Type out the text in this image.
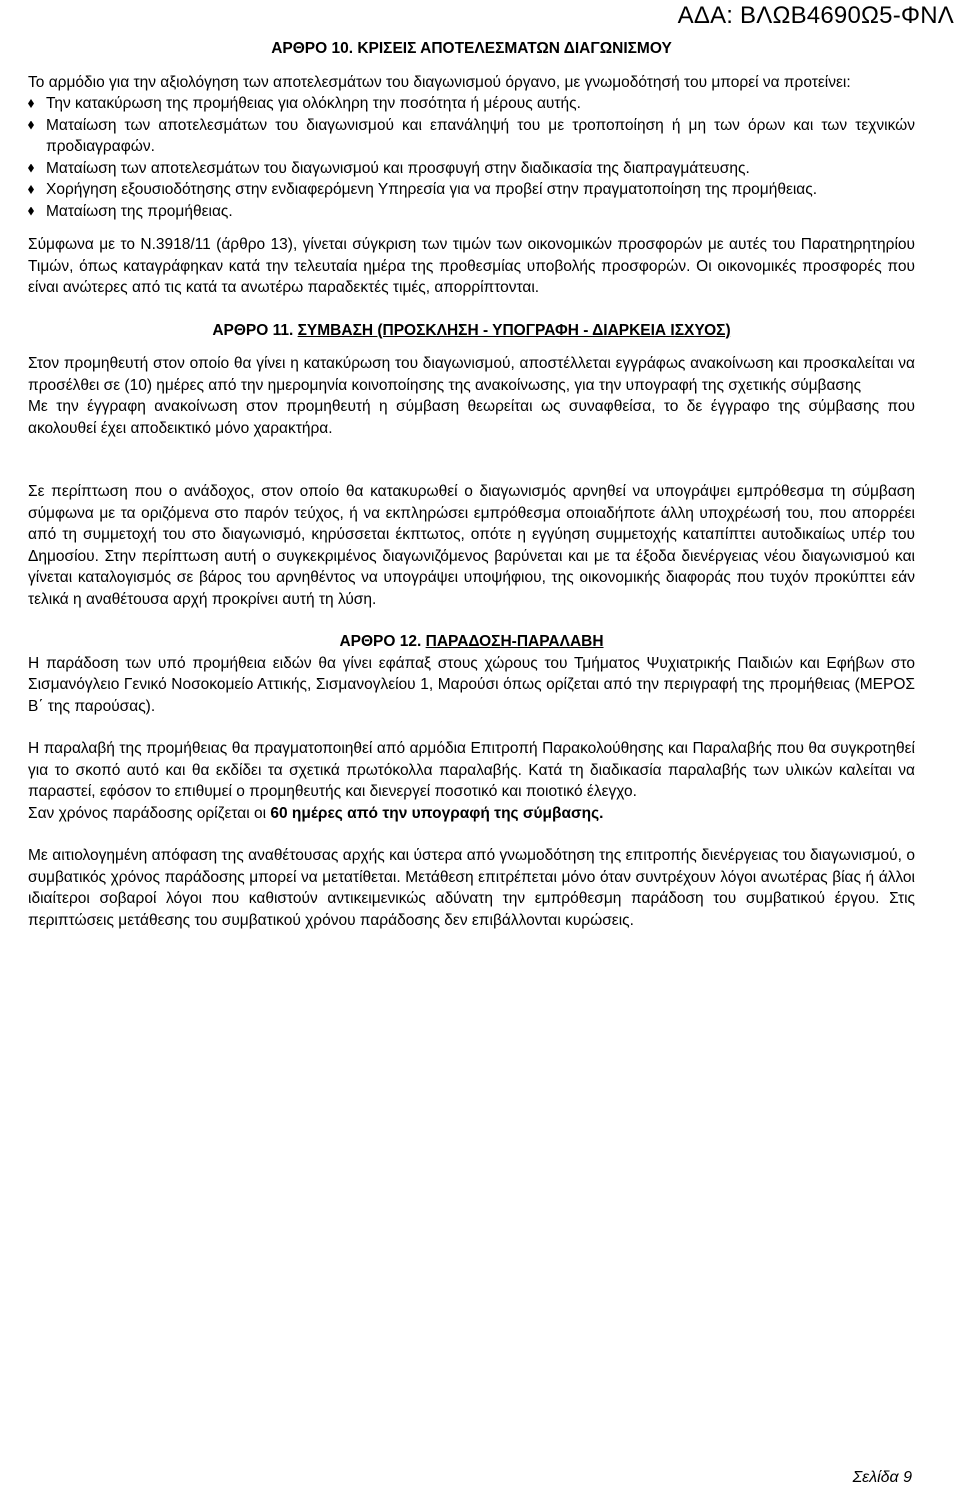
ΑΔΑ: ΒΛΩΒ4690Ω5-ΦΝΛ
ΑΡΘΡΟ 10. ΚΡΙΣΕΙΣ ΑΠΟΤΕΛΕΣΜΑΤΩΝ ΔΙΑΓΩΝΙΣΜΟΥ

Το αρμόδιο για την αξιολόγηση των αποτελεσμάτων του διαγωνισμού όργανο, με γνωμοδότησή του μπορεί να προτείνει:

Την κατακύρωση της προμήθειας για ολόκληρη την ποσότητα ή μέρους αυτής.
Ματαίωση των αποτελεσμάτων του διαγωνισμού και επανάληψή του με τροποποίηση ή μη των όρων και των τεχνικών προδιαγραφών.
Ματαίωση των αποτελεσμάτων του διαγωνισμού και προσφυγή στην διαδικασία της διαπραγμάτευσης.
Χορήγηση εξουσιοδότησης στην ενδιαφερόμενη Υπηρεσία για να προβεί στην πραγματοποίηση της προμήθειας.
Ματαίωση της προμήθειας.

Σύμφωνα με το Ν.3918/11 (άρθρο 13), γίνεται σύγκριση των τιμών των οικονομικών προσφορών με αυτές του Παρατηρητηρίου Τιμών, όπως καταγράφηκαν κατά την τελευταία ημέρα της προθεσμίας υποβολής προσφορών. Οι οικονομικές προσφορές που είναι ανώτερες από τις κατά τα ανωτέρω παραδεκτές τιμές, απορρίπτονται.

ΑΡΘΡΟ 11. ΣΥΜΒΑΣΗ (ΠΡΟΣΚΛΗΣΗ - ΥΠΟΓΡΑΦΗ - ΔΙΑΡΚΕΙΑ ΙΣΧΥΟΣ)

Στον προμηθευτή στον οποίο θα γίνει η κατακύρωση του διαγωνισμού, αποστέλλεται εγγράφως ανακοίνωση και προσκαλείται να προσέλθει σε (10) ημέρες από την ημερομηνία κοινοποίησης της ανακοίνωσης, για την υπογραφή της σχετικής σύμβασης

Με την έγγραφη ανακοίνωση στον προμηθευτή η σύμβαση θεωρείται ως συναφθείσα, το δε έγγραφο της σύμβασης που ακολουθεί έχει αποδεικτικό μόνο χαρακτήρα.

Σε περίπτωση που ο ανάδοχος, στον οποίο θα κατακυρωθεί ο διαγωνισμός αρνηθεί να υπογράψει εμπρόθεσμα τη σύμβαση σύμφωνα με τα οριζόμενα στο παρόν τεύχος, ή να εκπληρώσει εμπρόθεσμα οποιαδήποτε άλλη υποχρέωσή του, που απορρέει από τη συμμετοχή του στο διαγωνισμό, κηρύσσεται έκπτωτος, οπότε η εγγύηση συμμετοχής καταπίπτει αυτοδικαίως υπέρ του Δημοσίου. Στην περίπτωση αυτή ο συγκεκριμένος διαγωνιζόμενος βαρύνεται και με τα έξοδα διενέργειας νέου διαγωνισμού και γίνεται καταλογισμός σε βάρος του αρνηθέντος να υπογράψει υποψήφιου, της οικονομικής διαφοράς που τυχόν προκύπτει εάν τελικά η αναθέτουσα αρχή προκρίνει αυτή τη λύση.

ΑΡΘΡΟ 12. ΠΑΡΑΔΟΣΗ-ΠΑΡΑΛΑΒΗ

Η παράδοση των υπό προμήθεια ειδών θα γίνει εφάπαξ στους χώρους του Τμήματος Ψυχιατρικής Παιδιών και Εφήβων στο Σισμανόγλειο Γενικό Νοσοκομείο Αττικής, Σισμανογλείου 1, Μαρούσι όπως ορίζεται από την περιγραφή της προμήθειας (ΜΕΡΟΣ Β΄ της παρούσας).

Η παραλαβή της προμήθειας θα πραγματοποιηθεί από αρμόδια Επιτροπή Παρακολούθησης και Παραλαβής που θα συγκροτηθεί για το σκοπό αυτό και θα εκδίδει τα σχετικά πρωτόκολλα παραλαβής. Κατά τη διαδικασία παραλαβής των υλικών καλείται να παραστεί, εφόσον το επιθυμεί ο προμηθευτής και διενεργεί ποσοτικό και ποιοτικό έλεγχο.

Σαν χρόνος παράδοσης ορίζεται οι 60 ημέρες από την υπογραφή της σύμβασης.

Με αιτιολογημένη απόφαση της αναθέτουσας αρχής και ύστερα από γνωμοδότηση της επιτροπής διενέργειας του διαγωνισμού, ο συμβατικός χρόνος παράδοσης μπορεί να μετατίθεται. Μετάθεση επιτρέπεται μόνο όταν συντρέχουν λόγοι ανωτέρας βίας ή άλλοι ιδιαίτεροι σοβαροί λόγοι που καθιστούν αντικειμενικώς αδύνατη την εμπρόθεσμη παράδοση του συμβατικού έργου. Στις περιπτώσεις μετάθεσης του συμβατικού χρόνου παράδοσης δεν επιβάλλονται κυρώσεις.

Σελίδα 9
